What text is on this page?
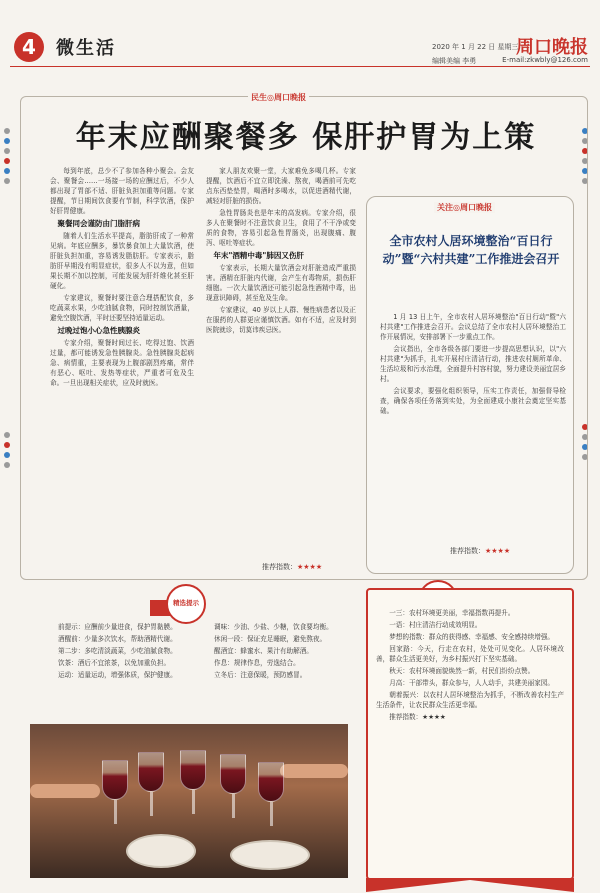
4	微生活	周口晚报
2020 年 1 月 22 日 星期三
编辑美编 李勇	E-mail:zkwbly@126.com
民生◎周口晚报
年末应酬聚餐多 保肝护胃为上策

每到年底，总少不了参加各种小聚会。会友会、聚餐会……一场接一场的应酬过后，不少人都出现了胃部不适、肝脏负担加重等问题。专家提醒，节日期间饮食要有节制，科学饮酒，保护好肝胃健康。

聚餐同会谨防由门脂肝病

随着人们生活水平提高，脂肪肝成了一种常见病。年底应酬多，暴饮暴食加上大量饮酒，使肝脏负担加重，容易诱发脂肪肝。专家表示，脂肪肝早期没有明显症状，很多人不以为意，但如果长期不加以控制，可能发展为肝纤维化甚至肝硬化。

专家建议，聚餐时要注意合理搭配饮食，多吃蔬菜水果，少吃油腻食物，同时控制饮酒量，避免空腹饮酒，平时还要坚持适量运动。

过晚过饱小心急性胰腺炎

专家介绍，聚餐时间过长、吃得过饱、饮酒过量，都可能诱发急性胰腺炎。急性胰腺炎起病急、病情重，主要表现为上腹部剧烈疼痛，常伴有恶心、呕吐、发热等症状，严重者可危及生命。一旦出现相关症状，应及时就医。

家人朋友欢聚一堂，大家难免多喝几杯。专家提醒，饮酒后不宜立即洗澡、熬夜，喝酒前可先吃点东西垫垫胃，喝酒时多喝水，以促进酒精代谢，减轻对肝脏的损伤。

急性胃肠炎也是年末的高发病。专家介绍，很多人在聚餐时不注意饮食卫生，食用了不干净或变质的食物，容易引起急性胃肠炎，出现腹痛、腹泻、呕吐等症状。

年末"酒精中毒"肺因又伤肝

专家表示，长期大量饮酒会对肝脏造成严重损害。酒精在肝脏内代谢，会产生有毒物质，损伤肝细胞。一次大量饮酒还可能引起急性酒精中毒，出现意识障碍，甚至危及生命。

专家建议，40 岁以上人群、慢性病患者以及正在服药的人群更应谨慎饮酒。如有不适，应及时到医院就诊，切莫讳疾忌医。

推荐指数：★★★★
关注◎周口晚报
全市农村人居环境整治“百日行动”暨“六村共建”工作推进会召开

1 月 13 日上午，全市农村人居环境整治"百日行动"暨"六村共建"工作推进会召开。会议总结了全市农村人居环境整治工作开展情况，安排部署下一步重点工作。

会议指出，全市各级各部门要进一步提高思想认识，以"六村共建"为抓手，扎实开展村庄清洁行动，推进农村厕所革命、生活垃圾和污水治理，全面提升村容村貌，努力建设美丽宜居乡村。

会议要求，要强化组织领导，压实工作责任，加强督导检查，确保各项任务落到实处，为全面建成小康社会奠定坚实基础。

推荐指数：★★★★
精选提示

前提示：应酬前少量进食，保护胃黏膜。

酒醒前：少量多次饮水，帮助酒精代谢。

第二步：多吃清淡蔬菜，少吃油腻食物。

饮茶：酒后不宜浓茶，以免加重负担。

运动：适量运动，增强体质，保护健康。

调味：少油、少盐、少糖，饮食要均衡。

休闲一段：保证充足睡眠，避免熬夜。

醒酒宜：蜂蜜水、果汁有助解酒。

作息：规律作息，劳逸结合。

立冬后：注意保暖，预防感冒。

一三：农村环境更美丽，幸福指数再提升。

一语：村庄清洁行动成效明显。

梦想的指数：群众的获得感、幸福感、安全感持续增强。

回家路：今天，行走在农村，处处可见变化。人居环境改善，群众生活更美好，为乡村振兴打下坚实基础。

秋天：农村环境面貌焕然一新，村民们纷纷点赞。

月高：干部带头，群众参与，人人动手，共建美丽家园。

朝着振兴：以农村人居环境整治为抓手，不断改善农村生产生活条件，让农民群众生活更幸福。

推荐指数：★★★★
